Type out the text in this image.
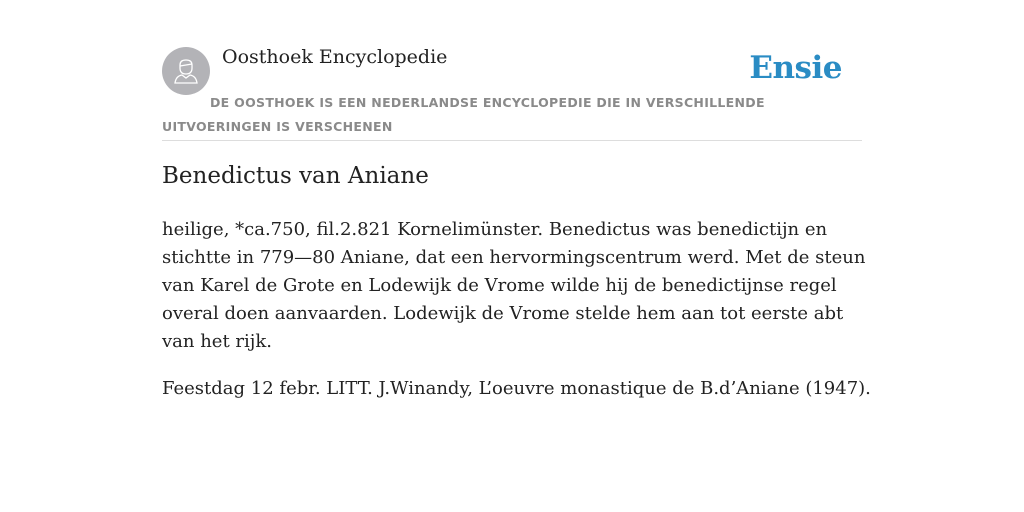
Oosthoek Encyclopedie	Ensie
DE OOSTHOEK IS EEN NEDERLANDSE ENCYCLOPEDIE DIE IN VERSCHILLENDE UITVOERINGEN IS VERSCHENEN
Benedictus van Aniane

heilige, *ca.750, fil.2.821 Kornelimünster. Benedictus was benedictijn en stichtte in 779—80 Aniane, dat een hervormingscentrum werd. Met de steun van Karel de Grote en Lodewijk de Vrome wilde hij de benedictijnse regel overal doen aanvaarden. Lodewijk de Vrome stelde hem aan tot eerste abt van het rijk.

Feestdag 12 febr. LITT. J.Winandy, L’oeuvre monastique de B.d’Aniane (1947).
